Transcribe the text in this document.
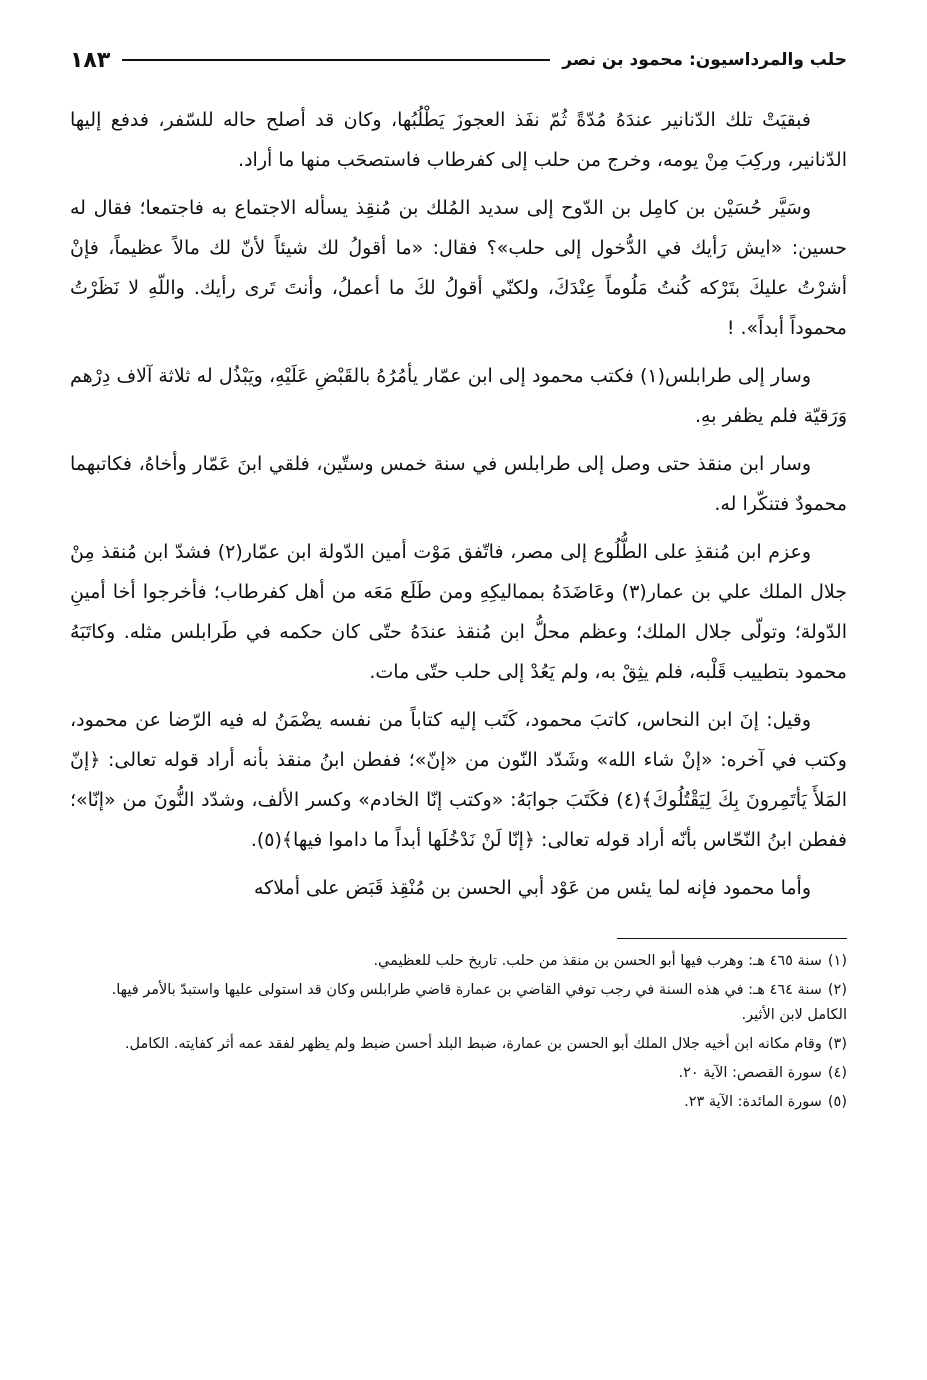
حلب والمرداسيون: محمود بن نصر
١٨٣

فبقيَتْ تلك الدّنانير عندَهُ مُدّةً ثُمّ نفَذ العجوزَ يَطْلُبُها، وكان قد أصلح حاله للسّفر، فدفع إليها الدّنانير، وركِبَ مِنْ يومه، وخرج من حلب إلى كفرطاب فاستصحَب منها ما أراد.

وسَيَّر حُسَيْن بن كامِل بن الدّوح إلى سديد المُلك بن مُنقِذ يسأله الاجتماع به فاجتمعا؛ فقال له حسين: «ايش رَأيك في الدُّخول إلى حلب»؟ فقال: «ما أقولُ لك شيئاً لأنّ لك مالاً عظيماً، فإنْ أشرْتُ عليكَ بتَرْكه كُنتُ مَلُوماً عِنْدَكَ، ولكنّي أقولُ لكَ ما أعملُ، وأنتَ تَرى رأيك. واللّهِ لا نَظَرْتُ محموداً أبداً». !

وسار إلى طرابلس(١) فكتب محمود إلى ابن عمّار يأمُرُهُ بالقَبْضِ عَلَيْهِ، ويَبْذُل له ثلاثة آلاف دِرْهم وَرَقيّة فلم يظفر بهِ.

وسار ابن منقذ حتى وصل إلى طرابلس في سنة خمس وستّين، فلقي ابنَ عَمّار وأخاهُ، فكاتبهما محمودٌ فتنكّرا له.

وعزم ابن مُنقذِ على الطُّلُوع إلى مصر، فاتّفق مَوْت أمين الدّولة ابن عمّار(٢) فشدّ ابن مُنقذ مِنْ جلال الملك علي بن عمار(٣) وعَاضَدَهُ بمماليكِهِ ومن طَلَع مَعَه من أهل كفرطاب؛ فأخرجوا أخا أمينِ الدّولة؛ وتولّى جلال الملك؛ وعظم محلُّ ابن مُنقذ عندَهُ حتّى كان حكمه في طَرابلس مثله. وكاتَبَهُ محمود بتطييب قَلْبه، فلم يثِقْ به، ولم يَعُدْ إلى حلب حتّى مات.

وقيل: إنَ ابن النحاس، كاتبَ محمود، كَتَب إليه كتاباً من نفسه يضْمَنُ له فيه الرّضا عن محمود، وكتب في آخره: «إنْ شاء الله» وشَدّد النّون من «إنّ»؛ ففطن ابنُ منقذ بأنه أراد قوله تعالى: ﴿إنّ المَلأَ يَأتَمِرونَ بِكَ لِيَقْتُلُوكَ﴾(٤) فكَتَبَ جوابَهُ: «وكتب إنّا الخادم» وكسر الألف، وشدّد النُّونَ من «إنّا»؛ ففطن ابنُ النّحّاس بأنّه أراد قوله تعالى: ﴿إنّا لَنْ نَدْخُلَها أبداً ما داموا فيها﴾(٥).

وأما محمود فإنه لما يئس من عَوْد أبي الحسن بن مُنْقِذ قَبَض على أملاكه

(١)سنة ٤٦٥ هـ: وهرب فيها أبو الحسن بن منقذ من حلب. تاريخ حلب للعظيمي.
(٢)سنة ٤٦٤ هـ: في هذه السنة في رجب توفي القاضي بن عمارة قاضي طرابلس وكان قد استولى عليها واستبدّ بالأمر فيها. الكامل لابن الأثير.
(٣)وقام مكانه ابن أخيه جلال الملك أبو الحسن بن عمارة، ضبط البلد أحسن ضبط ولم يظهر لفقد عمه أثر كفايته. الكامل.
(٤)سورة القصص: الآية ٢٠.
(٥)سورة المائدة: الآية ٢٣.
